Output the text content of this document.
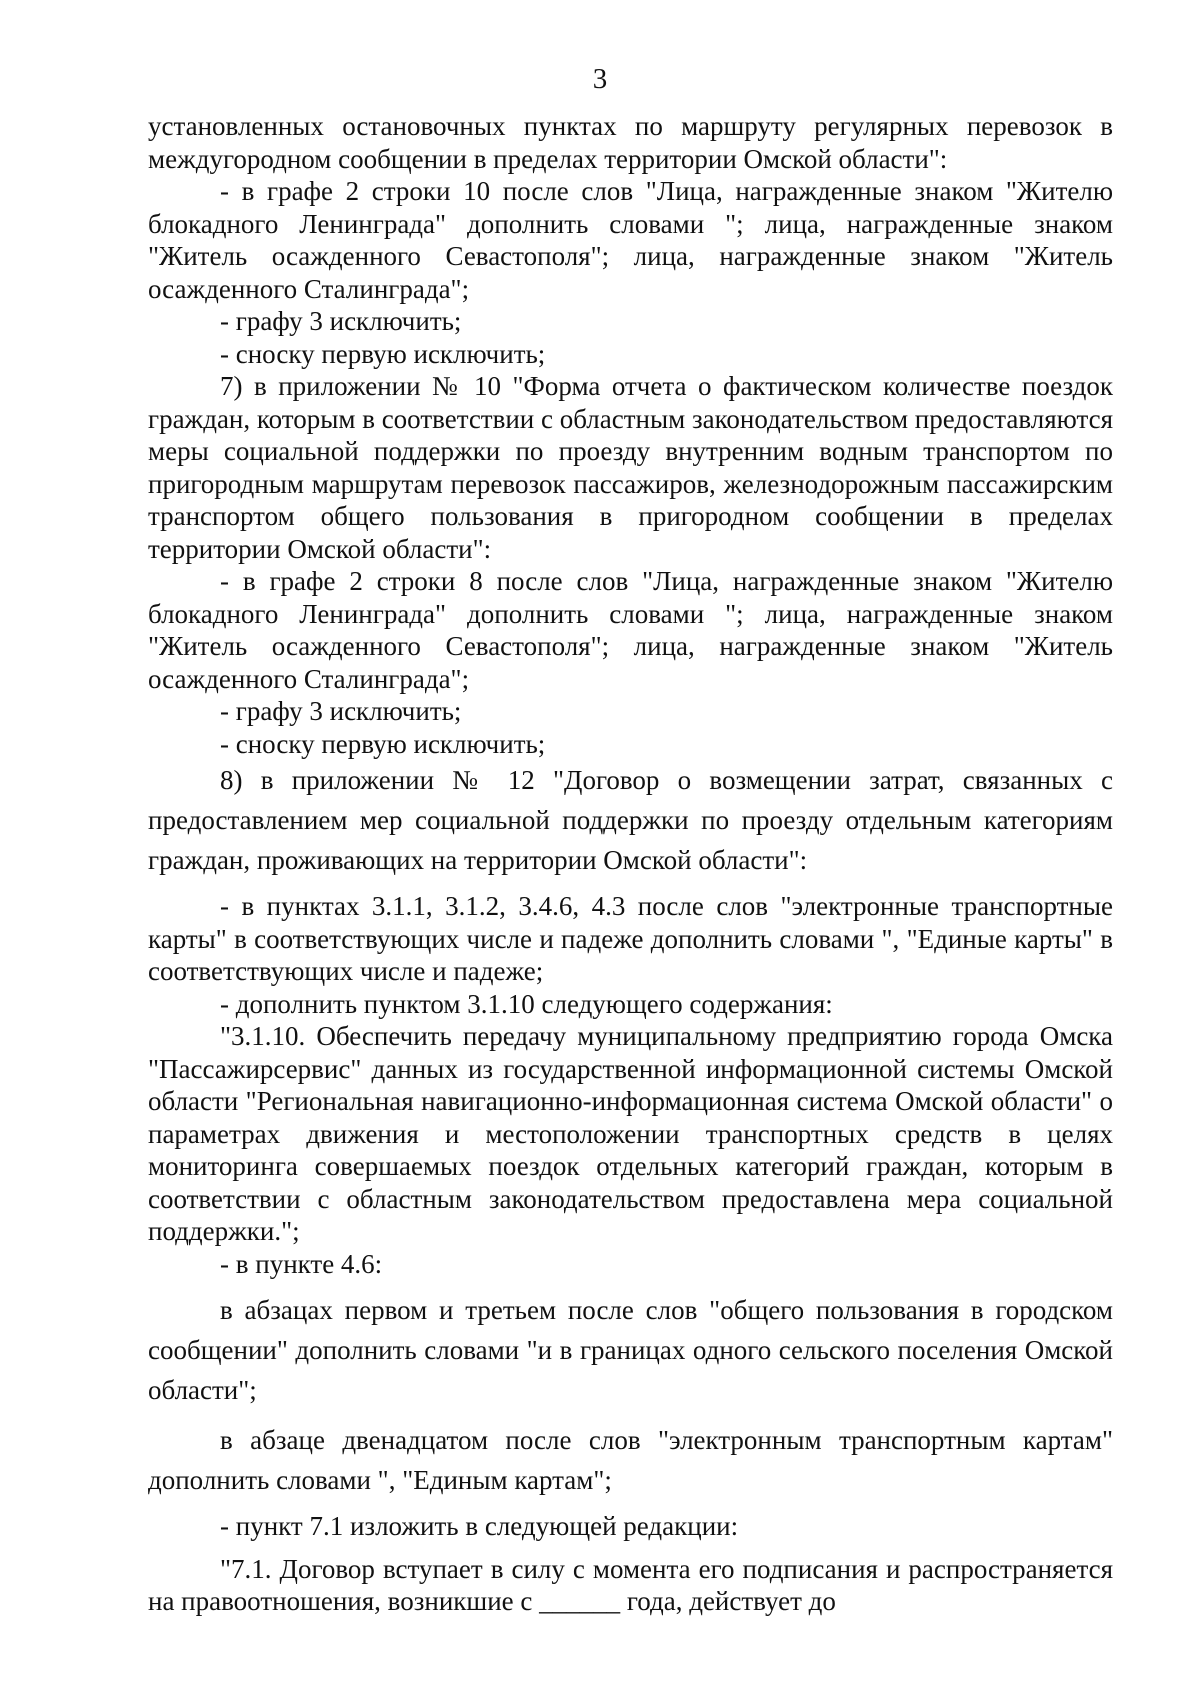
3

установленных остановочных пунктах по маршруту регулярных перевозок в междугородном сообщении в пределах территории Омской области":

- в графе 2 строки 10 после слов "Лица, награжденные знаком "Жителю блокадного Ленинграда" дополнить словами "; лица, награжденные знаком "Житель осажденного Севастополя"; лица, награжденные знаком "Житель осажденного Сталинграда";

- графу 3 исключить;

- сноску первую исключить;

7) в приложении № 10 "Форма отчета о фактическом количестве поездок граждан, которым в соответствии с областным законодательством предоставляются меры социальной поддержки по проезду внутренним водным транспортом по пригородным маршрутам перевозок пассажиров, железнодорожным пассажирским транспортом общего пользования в пригородном сообщении в пределах территории Омской области":

- в графе 2 строки 8 после слов "Лица, награжденные знаком "Жителю блокадного Ленинграда" дополнить словами "; лица, награжденные знаком "Житель осажденного Севастополя"; лица, награжденные знаком "Житель осажденного Сталинграда";

- графу 3 исключить;

- сноску первую исключить;

8) в приложении № 12 "Договор о возмещении затрат, связанных с предоставлением мер социальной поддержки по проезду отдельным категориям граждан, проживающих на территории Омской области":

- в пунктах 3.1.1, 3.1.2, 3.4.6, 4.3 после слов "электронные транспортные карты" в соответствующих числе и падеже дополнить словами ", "Единые карты" в соответствующих числе и падеже;

- дополнить пунктом 3.1.10 следующего содержания:

"3.1.10. Обеспечить передачу муниципальному предприятию города Омска "Пассажирсервис" данных из государственной информационной системы Омской области "Региональная навигационно-информационная система Омской области" о параметрах движения и местоположении транспортных средств в целях мониторинга совершаемых поездок отдельных категорий граждан, которым в соответствии с областным законодательством предоставлена мера социальной поддержки.";

- в пункте 4.6:

в абзацах первом и третьем после слов "общего пользования в городском сообщении" дополнить словами "и в границах одного сельского поселения Омской области";

в абзаце двенадцатом после слов "электронным транспортным картам" дополнить словами ", "Единым картам";

- пункт 7.1 изложить в следующей редакции:

"7.1. Договор вступает в силу с момента его подписания и распространяется на правоотношения, возникшие с ______ года, действует до
